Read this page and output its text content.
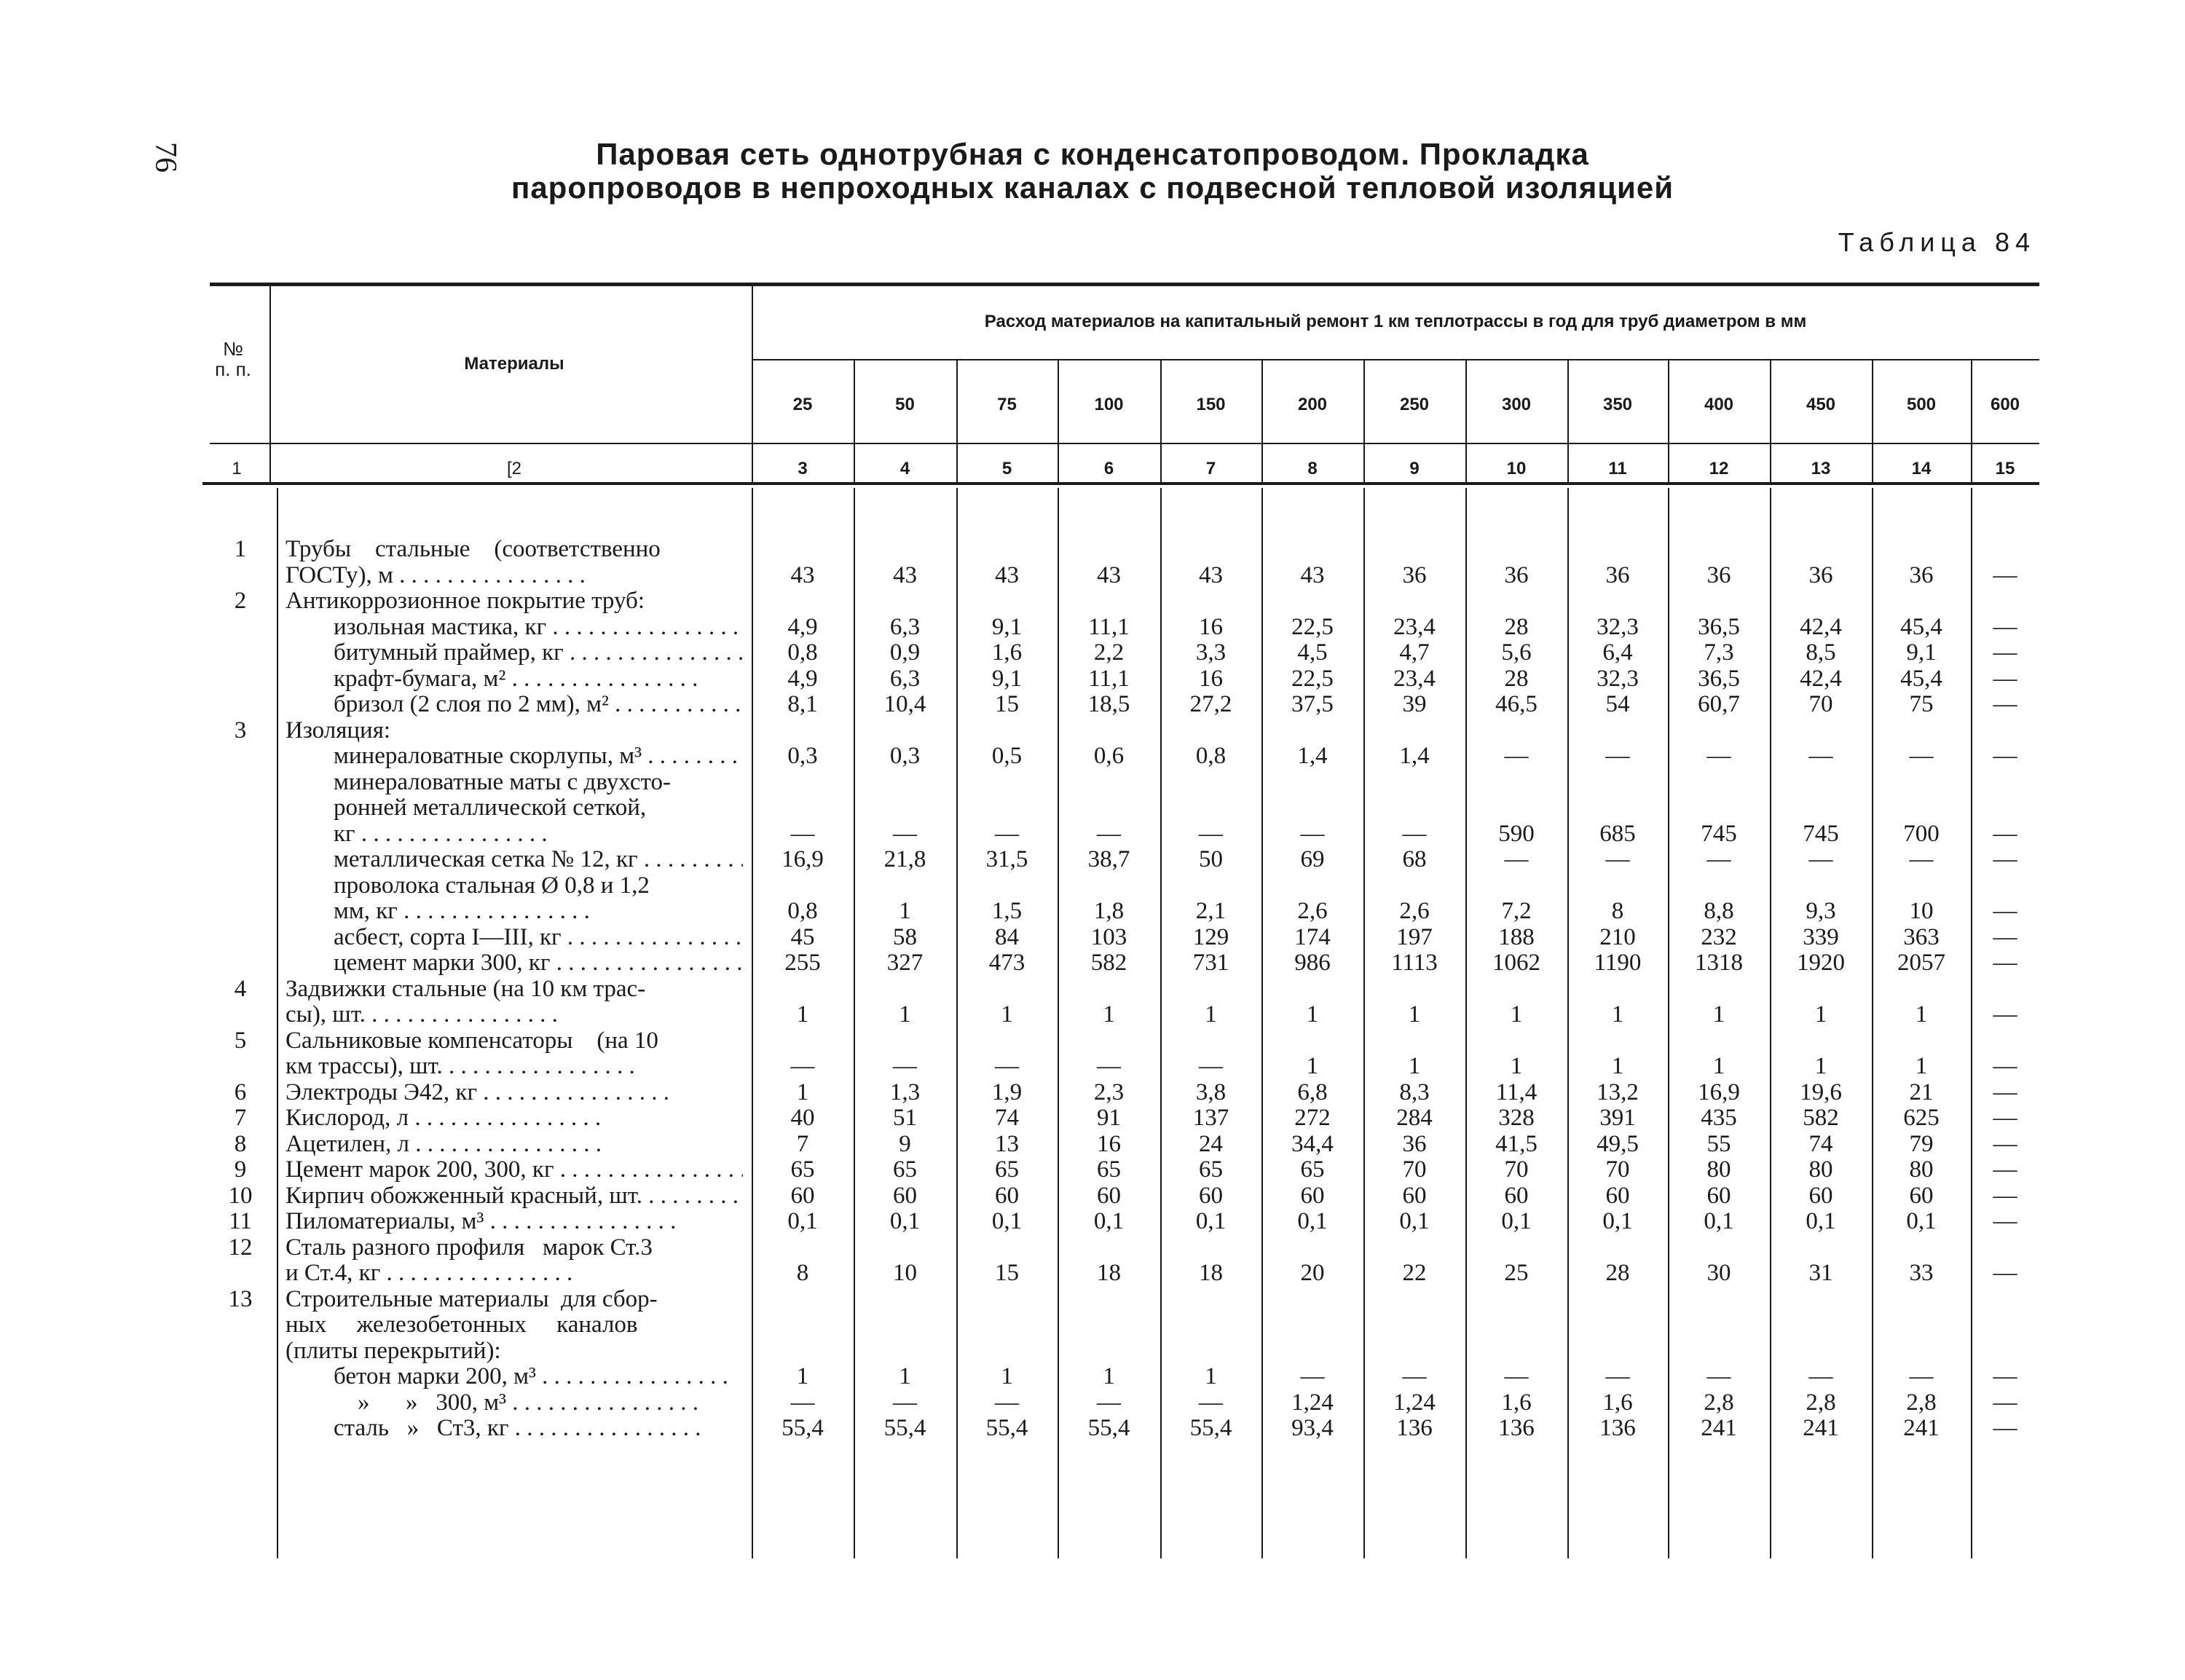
76	Паровая сеть однотрубная с конденсатопроводом. Прокладка
паропроводов в непроходных каналах с подвесной тепловой изоляцией
Таблица 84
№
п. п.	Материалы
Расход материалов на капитальный ремонт 1 км теплотрассы в год для труб диаметром в мм
25	50	75	100	150	200	250	300	350	400	450	500	600
1	[2	3	4	5	6	7	8	9	10	11	12	13	14	15
1	Трубы    стальные    (соответственно
ГОСТу), м . . .	43	43	43	43	43	43	36	36	36	36	36	36	—
2	Антикоррозионное покрытие труб:
изольная мастика, кг . . .	4,9	6,3	9,1	11,1	16	22,5	23,4	28	32,3	36,5	42,4	45,4	—
битумный праймер, кг . . .	0,8	0,9	1,6	2,2	3,3	4,5	4,7	5,6	6,4	7,3	8,5	9,1	—
крафт-бумага, м² . . .	4,9	6,3	9,1	11,1	16	22,5	23,4	28	32,3	36,5	42,4	45,4	—
бризол (2 слоя по 2 мм), м² . . .	8,1	10,4	15	18,5	27,2	37,5	39	46,5	54	60,7	70	75	—
3	Изоляция:
минераловатные скорлупы, м³ . . .	0,3	0,3	0,5	0,6	0,8	1,4	1,4	—	—	—	—	—	—
минераловатные маты с двухсто-
ронней металлической сеткой,
кг . . .	—	—	—	—	—	—	—	590	685	745	745	700	—
металлическая сетка № 12, кг . . .	16,9	21,8	31,5	38,7	50	69	68	—	—	—	—	—	—
проволока стальная Ø 0,8 и 1,2
мм, кг . . .	0,8	1	1,5	1,8	2,1	2,6	2,6	7,2	8	8,8	9,3	10	—
асбест, сорта I—III, кг . . .	45	58	84	103	129	174	197	188	210	232	339	363	—
цемент марки 300, кг . . .	255	327	473	582	731	986	1113	1062	1190	1318	1920	2057	—
4	Задвижки стальные (на 10 км трас-
сы), шт. . . .	1	1	1	1	1	1	1	1	1	1	1	1	—
5	Сальниковые компенсаторы    (на 10
км трассы), шт. . . .	—	—	—	—	—	1	1	1	1	1	1	1	—
6	Электроды Э42, кг . . .	1	1,3	1,9	2,3	3,8	6,8	8,3	11,4	13,2	16,9	19,6	21	—
7	Кислород, л . . .	40	51	74	91	137	272	284	328	391	435	582	625	—
8	Ацетилен, л . . .	7	9	13	16	24	34,4	36	41,5	49,5	55	74	79	—
9	Цемент марок 200, 300, кг . . .	65	65	65	65	65	65	70	70	70	80	80	80	—
10	Кирпич обожженный красный, шт. . . .	60	60	60	60	60	60	60	60	60	60	60	60	—
11	Пиломатериалы, м³ . . .	0,1	0,1	0,1	0,1	0,1	0,1	0,1	0,1	0,1	0,1	0,1	0,1	—
12	Сталь разного профиля   марок Ст.3
и Ст.4, кг . . .	8	10	15	18	18	20	22	25	28	30	31	33	—
13	Строительные материалы  для сбор-
ных     железобетонных     каналов
(плиты перекрытий):
бетон марки 200, м³ . . .	1	1	1	1	1	—	—	—	—	—	—	—	—
»      »   300, м³ . . .	—	—	—	—	—	1,24	1,24	1,6	1,6	2,8	2,8	2,8	—
сталь   »   Ст3, кг . . .	55,4	55,4	55,4	55,4	55,4	93,4	136	136	136	241	241	241	—
